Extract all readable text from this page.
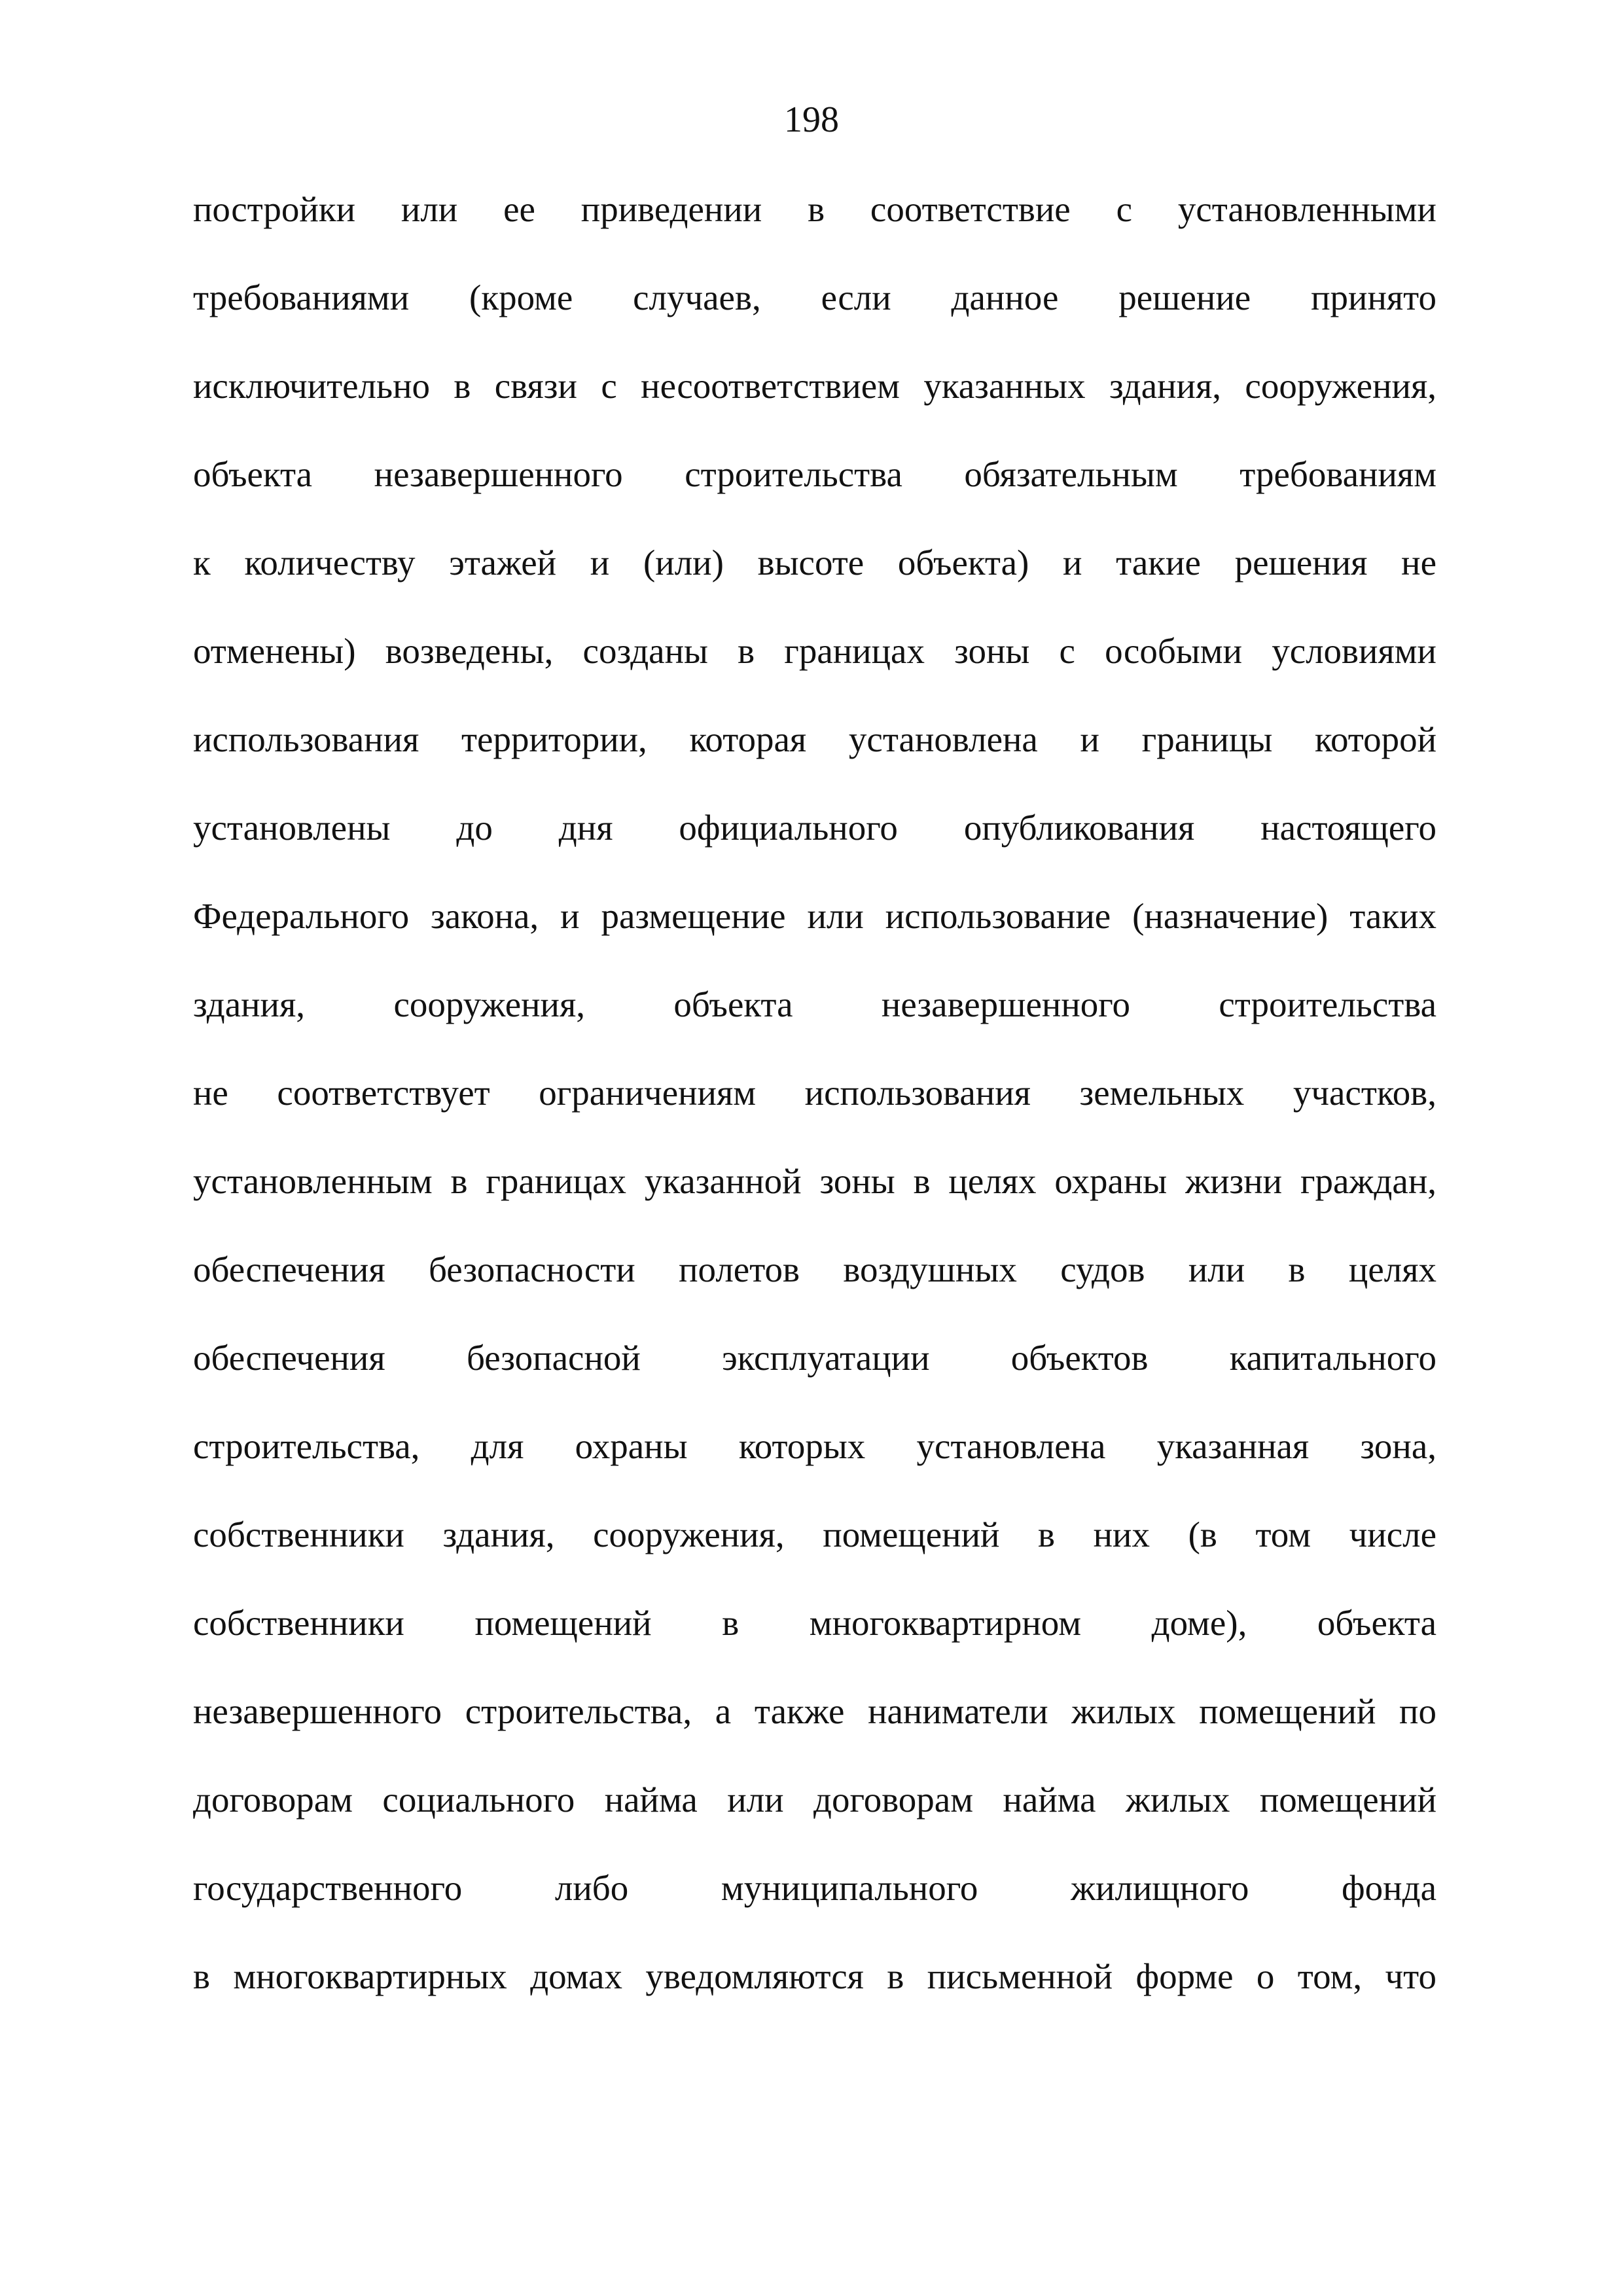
198
постройки или ее приведении в соответствие с установленными
требованиями (кроме случаев, если данное решение принято
исключительно в связи с несоответствием указанных здания, сооружения,
объекта незавершенного строительства обязательным требованиям
к количеству этажей и (или) высоте объекта) и такие решения не
отменены) возведены, созданы в границах зоны с особыми условиями
использования территории, которая установлена и границы которой
установлены до дня официального опубликования настоящего
Федерального закона, и размещение или использование (назначение) таких
здания, сооружения, объекта незавершенного строительства
не соответствует ограничениям использования земельных участков,
установленным в границах указанной зоны в целях охраны жизни граждан,
обеспечения безопасности полетов воздушных судов или в целях
обеспечения безопасной эксплуатации объектов капитального
строительства, для охраны которых установлена указанная зона,
собственники здания, сооружения, помещений в них (в том числе
собственники помещений в многоквартирном доме), объекта
незавершенного строительства, а также наниматели жилых помещений по
договорам социального найма или договорам найма жилых помещений
государственного либо муниципального жилищного фонда
в многоквартирных домах уведомляются в письменной форме о том, что
